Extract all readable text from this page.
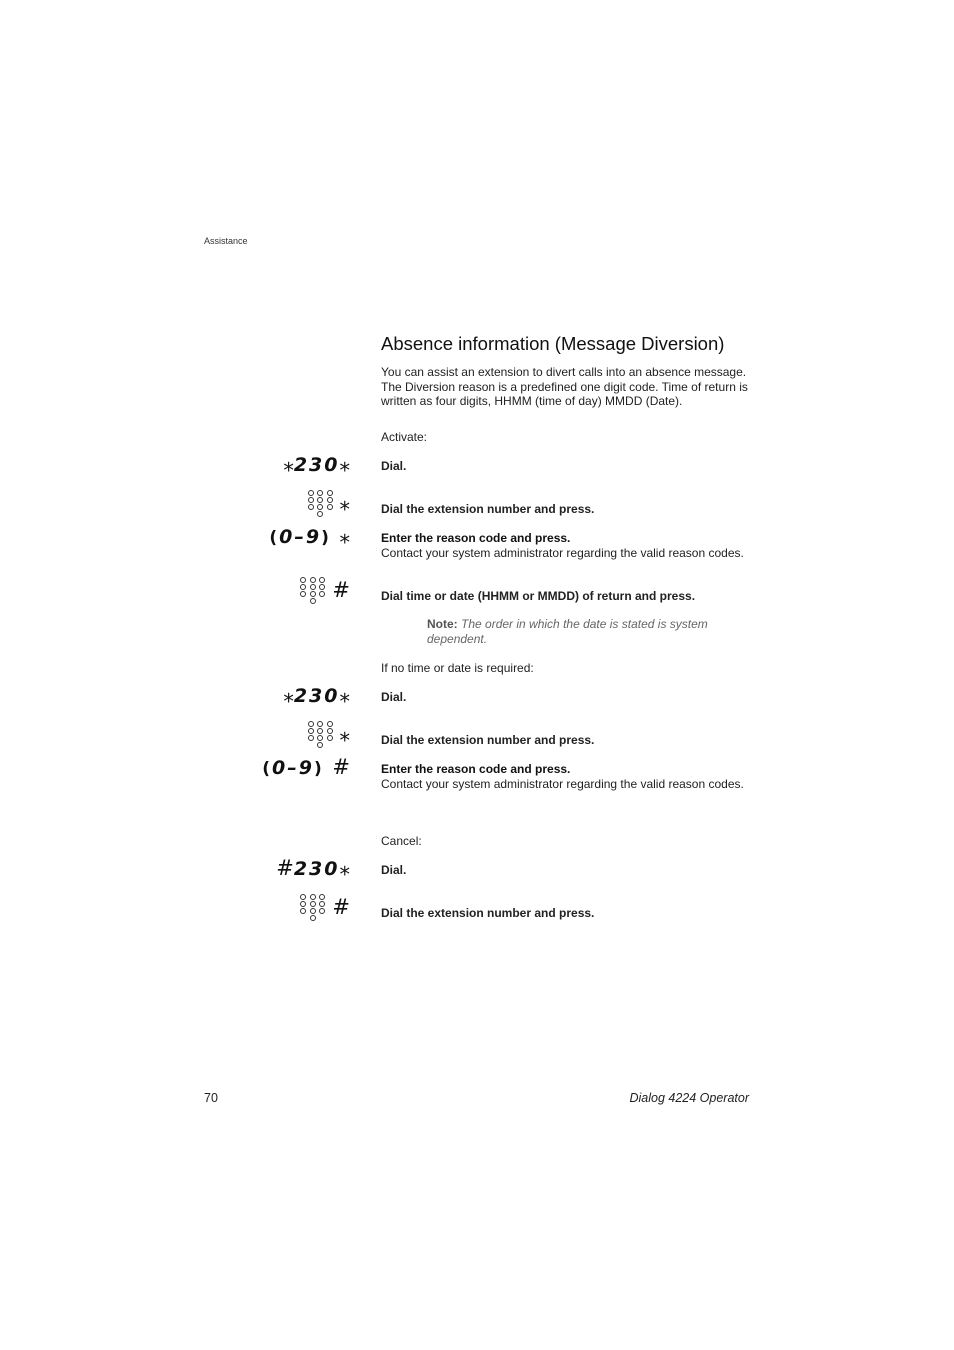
Assistance
Absence information (Message Diversion)
You can assist an extension to divert calls into an absence message. The Diversion reason is a predefined one digit code. Time of return is written as four digits, HHMM (time of day) MMDD (Date).
Activate:
⁎230⁎	Dial.
⁎	Dial the extension number and press.
(0–9) ⁎	Enter the reason code and press.
Contact your system administrator regarding the valid reason codes.
#	Dial time or date (HHMM or MMDD) of return and press.
Note: The order in which the date is stated is system dependent.
If no time or date is required:
⁎230⁎	Dial.
⁎	Dial the extension number and press.
(0–9) #	Enter the reason code and press.
Contact your system administrator regarding the valid reason codes.
Cancel:
#230⁎	Dial.
#	Dial the extension number and press.
70	Dialog 4224 Operator
